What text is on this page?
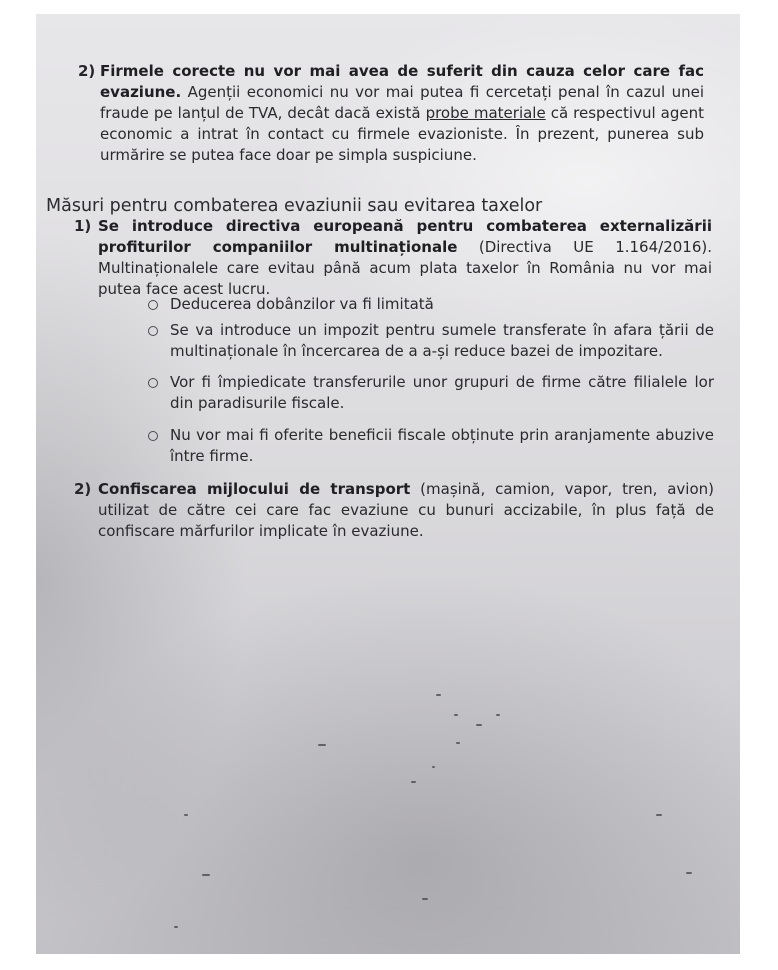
2) Firmele corecte nu vor mai avea de suferit din cauza celor care fac evaziune. Agenții economici nu vor mai putea fi cercetați penal în cazul unei fraude pe lanțul de TVA, decât dacă există probe materiale că respectivul agent economic a intrat în contact cu firmele evazioniste. În prezent, punerea sub urmărire se putea face doar pe simpla suspiciune.
Măsuri pentru combaterea evaziunii sau evitarea taxelor
1) Se introduce directiva europeană pentru combaterea externalizării profiturilor companiilor multinaționale (Directiva UE 1.164/2016). Multinaționalele care evitau până acum plata taxelor în România nu vor mai putea face acest lucru.
Deducerea dobânzilor va fi limitată
Se va introduce un impozit pentru sumele transferate în afara țării de multinaționale în încercarea de a a-și reduce bazei de impozitare.
Vor fi împiedicate transferurile unor grupuri de firme către filialele lor din paradisurile fiscale.
Nu vor mai fi oferite beneficii fiscale obținute prin aranjamente abuzive între firme.
2) Confiscarea mijlocului de transport (mașină, camion, vapor, tren, avion) utilizat de către cei care fac evaziune cu bunuri accizabile, în plus față de confiscare mărfurilor implicate în evaziune.
